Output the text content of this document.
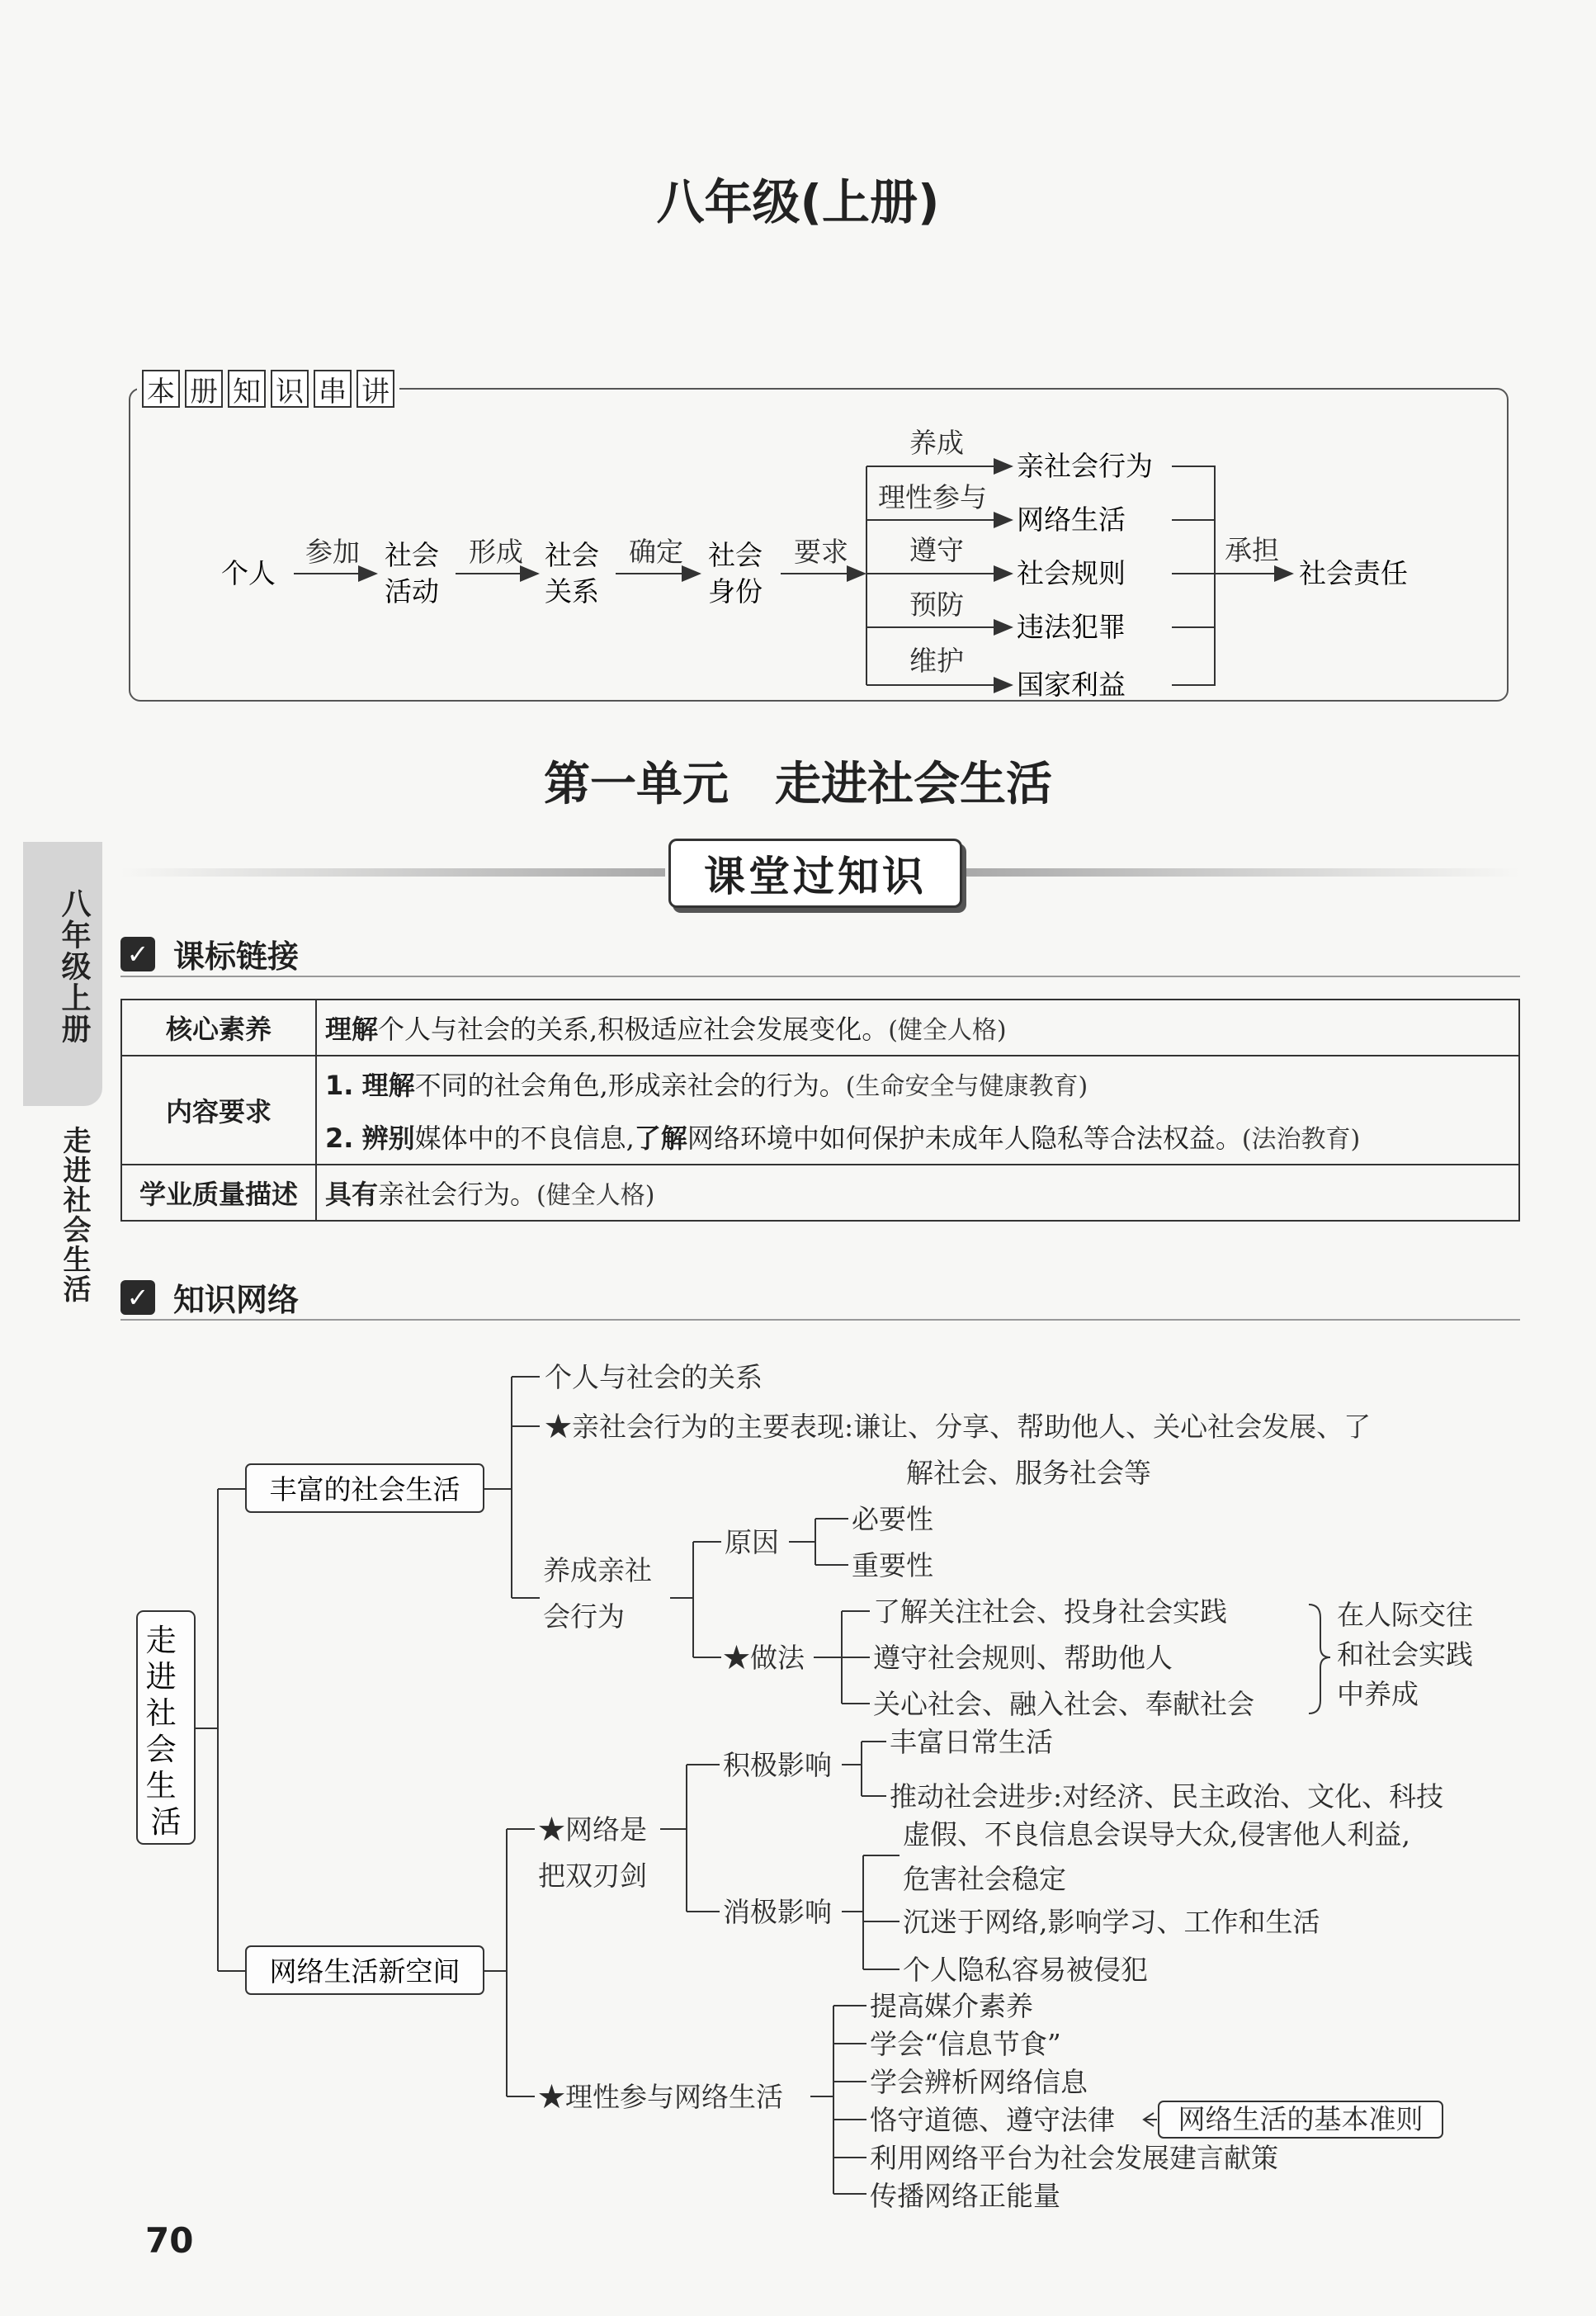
八年级(上册)
本 册 知 识 串 讲
个人
参加 社会
活动
形成 社会
关系
确定 社会
身份
要求
养成
理性参与
遵守
预防
维护
亲社会行为
网络生活
社会规则
违法犯罪
国家利益
承担
社会责任
第一单元　走进社会生活
课堂过知识
八年级上册
走进社会生活
✓ 课标链接
核心素养	理解个人与社会的关系,积极适应社会发展变化。(健全人格)
内容要求	1. 理解不同的社会角色,形成亲社会的行为。(生命安全与健康教育)
2. 辨别媒体中的不良信息,了解网络环境中如何保护未成年人隐私等合法权益。(法治教育)

学业质量描述	具有亲社会行为。(健全人格)
✓ 知识网络
走 进 社 会 生 活
丰富的社会生活
个人与社会的关系
★亲社会行为的主要表现:谦让、分享、帮助他人、关心社会发展、了
解社会、服务社会等
养成亲社
会行为
原因
必要性
重要性
★做法
了解关注社会、投身社会实践
遵守社会规则、帮助他人
关心社会、融入社会、奉献社会
在人际交往
和社会实践
中养成
网络生活新空间
★网络是
把双刃剑
积极影响
丰富日常生活
推动社会进步:对经济、民主政治、文化、科技
消极影响
虚假、不良信息会误导大众,侵害他人利益,
危害社会稳定
沉迷于网络,影响学习、工作和生活
个人隐私容易被侵犯
★理性参与网络生活
提高媒介素养
学会“信息节食”
学会辨析网络信息
恪守道德、遵守法律
利用网络平台为社会发展建言献策
传播网络正能量
网络生活的基本准则
70
